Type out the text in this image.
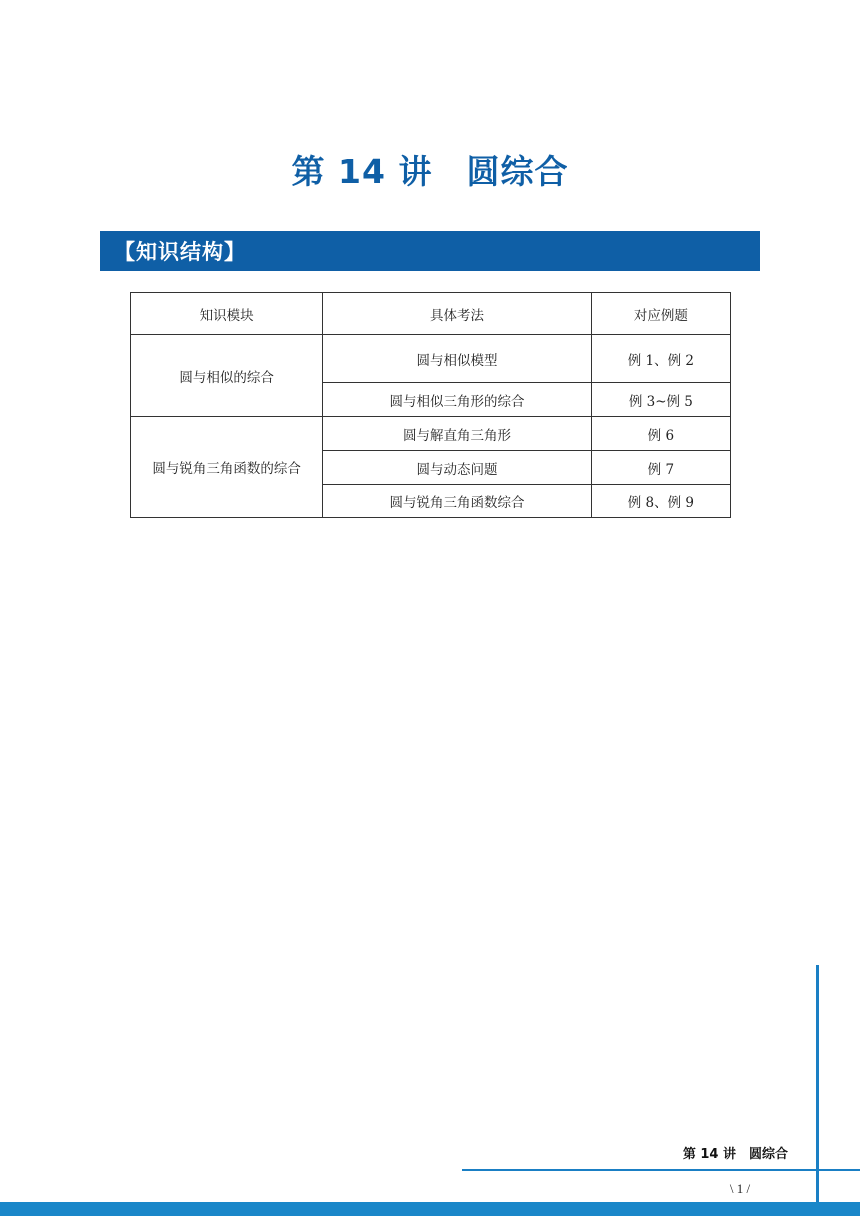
第 14 讲　圆综合
【知识结构】
知识模块	具体考法	对应例题
圆与相似的综合	圆与相似模型	例 1、例 2
	圆与相似三角形的综合	例 3~例 5
圆与锐角三角函数的综合	圆与解直角三角形	例 6
	圆与动态问题	例 7
	圆与锐角三角函数综合	例 8、例 9
第 14 讲　圆综合
\ 1 /
